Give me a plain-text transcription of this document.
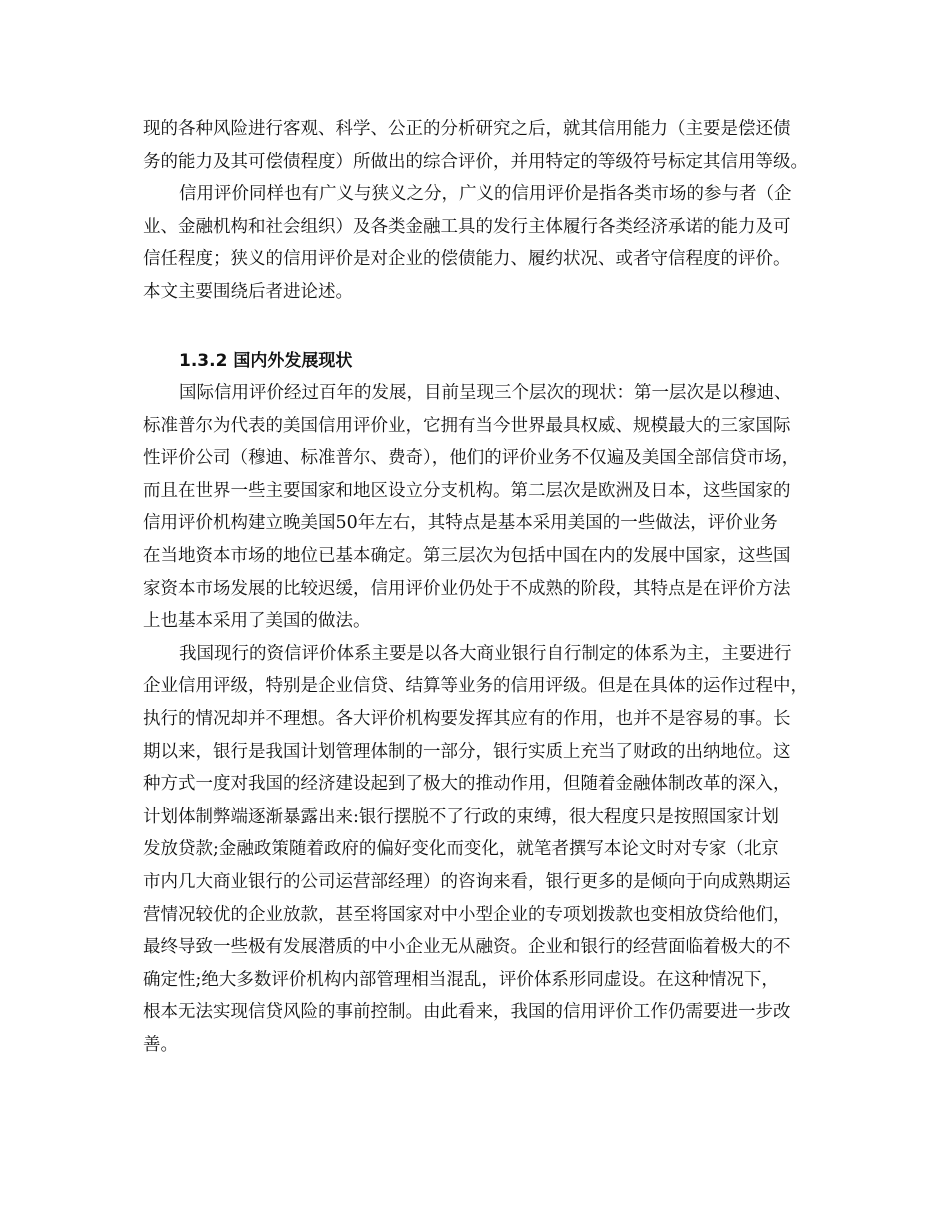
现的各种风险进行客观、科学、公正的分析研究之后，就其信用能力（主要是偿还债
务的能力及其可偿债程度）所做出的综合评价，并用特定的等级符号标定其信用等级。
信用评价同样也有广义与狭义之分，广义的信用评价是指各类市场的参与者（企
业、金融机构和社会组织）及各类金融工具的发行主体履行各类经济承诺的能力及可
信任程度；狭义的信用评价是对企业的偿债能力、履约状况、或者守信程度的评价。
本文主要围绕后者进论述。
1.3.2 国内外发展现状
国际信用评价经过百年的发展，目前呈现三个层次的现状：第一层次是以穆迪、
标准普尔为代表的美国信用评价业，它拥有当今世界最具权威、规模最大的三家国际
性评价公司（穆迪、标准普尔、费奇），他们的评价业务不仅遍及美国全部信贷市场，
而且在世界一些主要国家和地区设立分支机构。第二层次是欧洲及日本，这些国家的
信用评价机构建立晚美国50年左右，其特点是基本采用美国的一些做法，评价业务
在当地资本市场的地位已基本确定。第三层次为包括中国在内的发展中国家，这些国
家资本市场发展的比较迟缓，信用评价业仍处于不成熟的阶段，其特点是在评价方法
上也基本采用了美国的做法。
我国现行的资信评价体系主要是以各大商业银行自行制定的体系为主，主要进行
企业信用评级，特别是企业信贷、结算等业务的信用评级。但是在具体的运作过程中，
执行的情况却并不理想。各大评价机构要发挥其应有的作用，也并不是容易的事。长
期以来，银行是我国计划管理体制的一部分，银行实质上充当了财政的出纳地位。这
种方式一度对我国的经济建设起到了极大的推动作用，但随着金融体制改革的深入，
计划体制弊端逐渐暴露出来:银行摆脱不了行政的束缚，很大程度只是按照国家计划
发放贷款;金融政策随着政府的偏好变化而变化，就笔者撰写本论文时对专家（北京
市内几大商业银行的公司运营部经理）的咨询来看，银行更多的是倾向于向成熟期运
营情况较优的企业放款，甚至将国家对中小型企业的专项划拨款也变相放贷给他们，
最终导致一些极有发展潜质的中小企业无从融资。企业和银行的经营面临着极大的不
确定性;绝大多数评价机构内部管理相当混乱，评价体系形同虚设。在这种情况下，
根本无法实现信贷风险的事前控制。由此看来，我国的信用评价工作仍需要进一步改
善。
